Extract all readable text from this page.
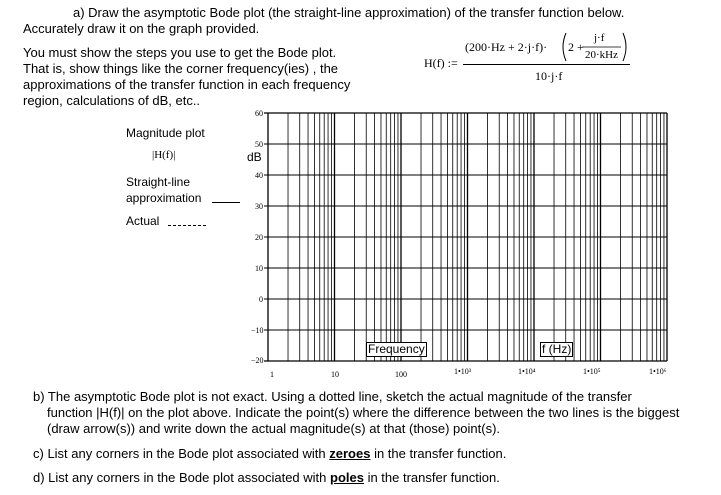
a) Draw the asymptotic Bode plot (the straight-line approximation) of the transfer function below.
Accurately draw it on the graph provided.
You must show the steps you use to get the Bode plot.
That is, show things like the corner frequency(ies) , the
approximations of the transfer function in each frequency
region, calculations of dB, etc..
H(f) :=
(200·Hz + 2·j·f)· 2 +
j·f
20·kHz
10·j·f
Magnitude plot
|H(f)|
Straight-line
approximation
Actual
dB
60
50
40
30
20
10
0
−10
−20
1	10	100	1•10³	1•10⁴	1•10⁵	1•10⁶
Frequency	f (Hz)
b) The asymptotic Bode plot is not exact. Using a dotted line, sketch the actual magnitude of the transfer
function |H(f)| on the plot above. Indicate the point(s) where the difference between the two lines is the biggest
(draw arrow(s)) and write down the actual magnitude(s) at that (those) point(s).
c) List any corners in the Bode plot associated with zeroes in the transfer function.
d) List any corners in the Bode plot associated with poles in the transfer function.
